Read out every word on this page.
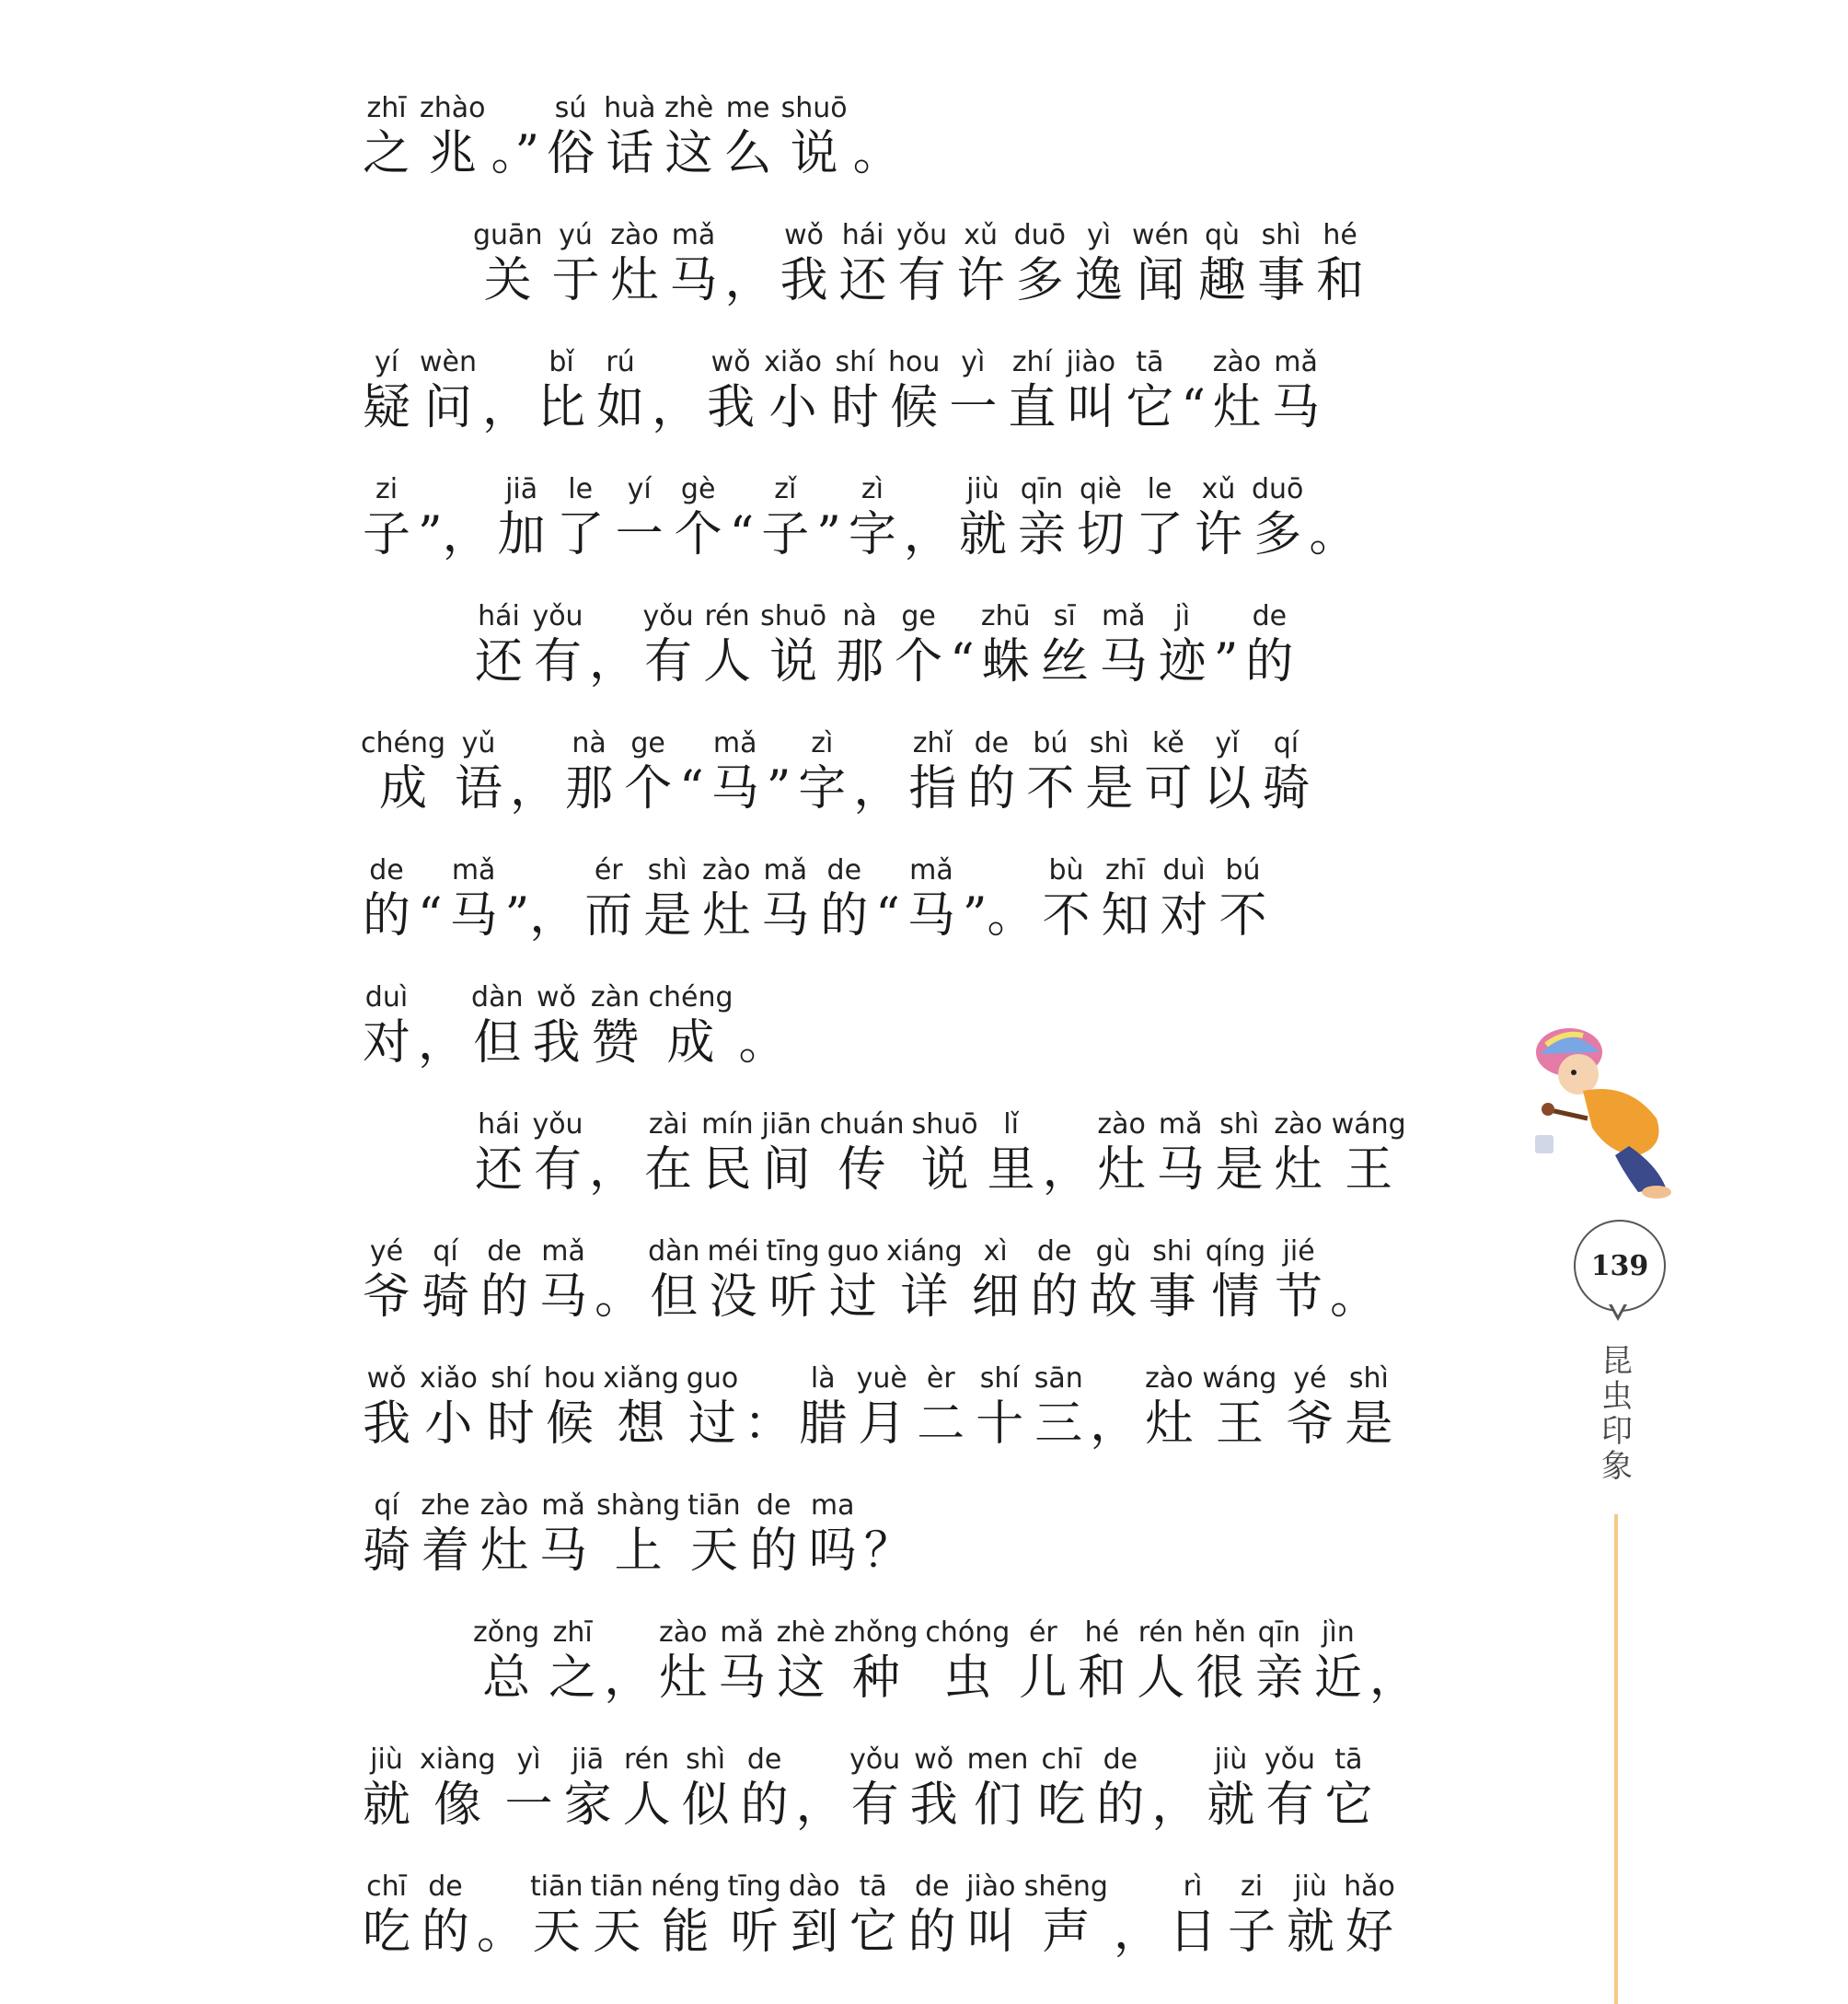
zhī
之
zhào
兆 。”
sú
俗
huà
话
zhè
这
me
么
shuō
说 。
guān
关
yú
于
zào
灶
mǎ
马 ，
wǒ
我
hái
还
yǒu
有
xǔ
许
duō
多
yì
逸
wén
闻
qù
趣
shì
事
hé
和
yí
疑
wèn
问 ，
bǐ
比
rú
如 ，
wǒ
我
xiǎo
小
shí
时
hou
候
yì
一
zhí
直
jiào
叫
tā
它 “
zào
灶
mǎ
马
zi
子 ”，
jiā
加
le
了
yí
一
gè
个 “
zǐ
子 ”
zì
字 ，
jiù
就
qīn
亲
qiè
切
le
了
xǔ
许
duō
多 。
hái
还
yǒu
有 ，
yǒu
有
rén
人
shuō
说
nà
那
ge
个 “
zhū
蛛
sī
丝
mǎ
马
jì
迹 ”
de
的
chéng
成
yǔ
语 ，
nà
那
ge
个 “
mǎ
马 ”
zì
字 ，
zhǐ
指
de
的
bú
不
shì
是
kě
可
yǐ
以
qí
骑
de
的 “
mǎ
马 ”，
ér
而
shì
是
zào
灶
mǎ
马
de
的 “
mǎ
马 ”。
bù
不
zhī
知
duì
对
bú
不
duì
对 ，
dàn
但
wǒ
我
zàn
赞
chéng
成 。
hái
还
yǒu
有 ，
zài
在
mín
民
jiān
间
chuán
传
shuō
说
lǐ
里 ，
zào
灶
mǎ
马
shì
是
zào
灶
wáng
王
yé
爷
qí
骑
de
的
mǎ
马 。
dàn
但
méi
没
tīng
听
guo
过
xiáng
详
xì
细
de
的
gù
故
shi
事
qíng
情
jié
节 。
wǒ
我
xiǎo
小
shí
时
hou
候
xiǎng
想
guo
过 ：
là
腊
yuè
月
èr
二
shí
十
sān
三 ，
zào
灶
wáng
王
yé
爷
shì
是
qí
骑
zhe
着
zào
灶
mǎ
马
shàng
上
tiān
天
de
的
ma
吗 ？
zǒng
总
zhī
之 ，
zào
灶
mǎ
马
zhè
这
zhǒng
种
chóng
虫
ér
儿
hé
和
rén
人
hěn
很
qīn
亲
jìn
近 ，
jiù
就
xiàng
像
yì
一
jiā
家
rén
人
shì
似
de
的 ，
yǒu
有
wǒ
我
men
们
chī
吃
de
的 ，
jiù
就
yǒu
有
tā
它
chī
吃
de
的 。
tiān
天
tiān
天
néng
能
tīng
听
dào
到
tā
它
de
的
jiào
叫
shēng
声 ，
rì
日
zi
子
jiù
就
hǎo
好
139
昆虫印象
